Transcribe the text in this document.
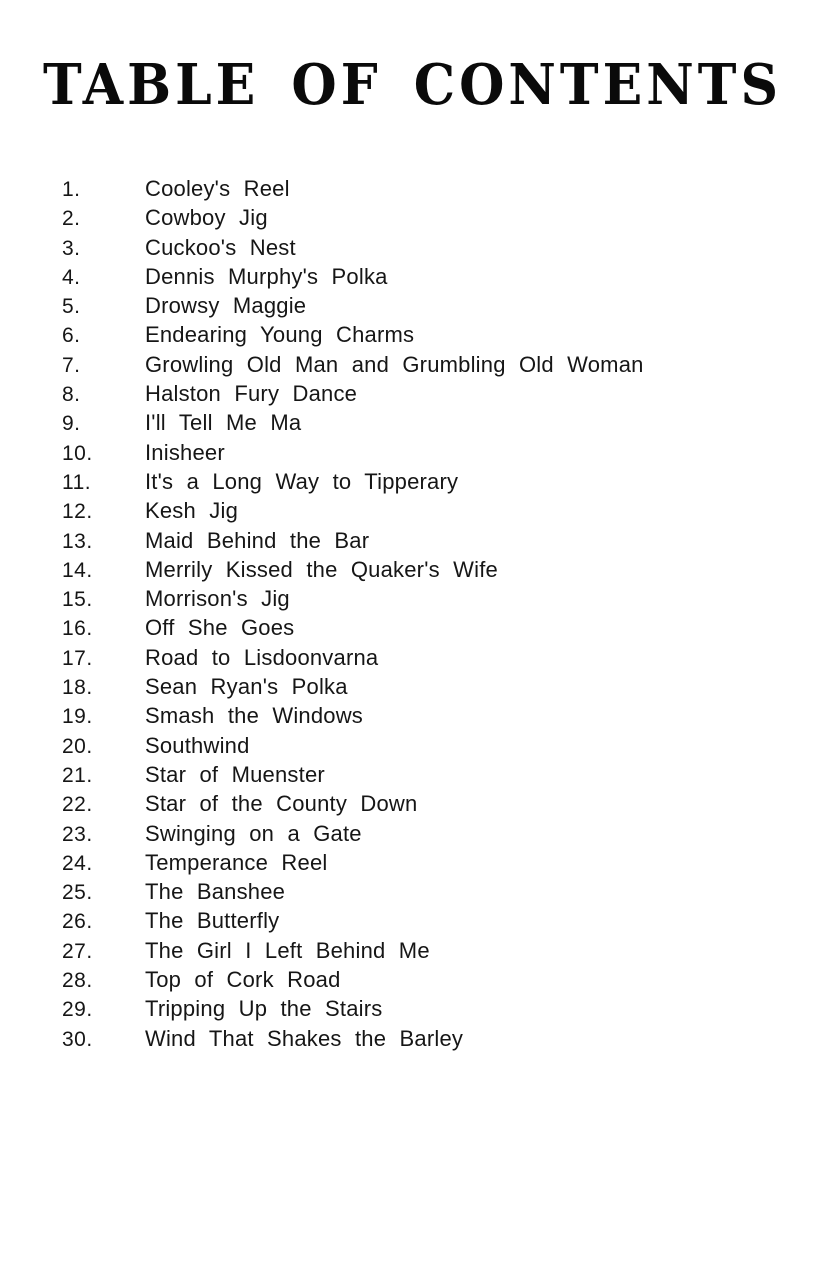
TABLE OF CONTENTS
1.	Cooley's Reel
2.	Cowboy Jig
3.	Cuckoo's Nest
4.	Dennis Murphy's Polka
5.	Drowsy Maggie
6.	Endearing Young Charms
7.	Growling Old Man and Grumbling Old Woman
8.	Halston Fury Dance
9.	I'll Tell Me Ma
10.	Inisheer
11.	It's a Long Way to Tipperary
12.	Kesh Jig
13.	Maid Behind the Bar
14.	Merrily Kissed the Quaker's Wife
15.	Morrison's Jig
16.	Off She Goes
17.	Road to Lisdoonvarna
18.	Sean Ryan's Polka
19.	Smash the Windows
20.	Southwind
21.	Star of Muenster
22.	Star of the County Down
23.	Swinging on a Gate
24.	Temperance Reel
25.	The Banshee
26.	The Butterfly
27.	The Girl I Left Behind Me
28.	Top of Cork Road
29.	Tripping Up the Stairs
30.	Wind That Shakes the Barley
